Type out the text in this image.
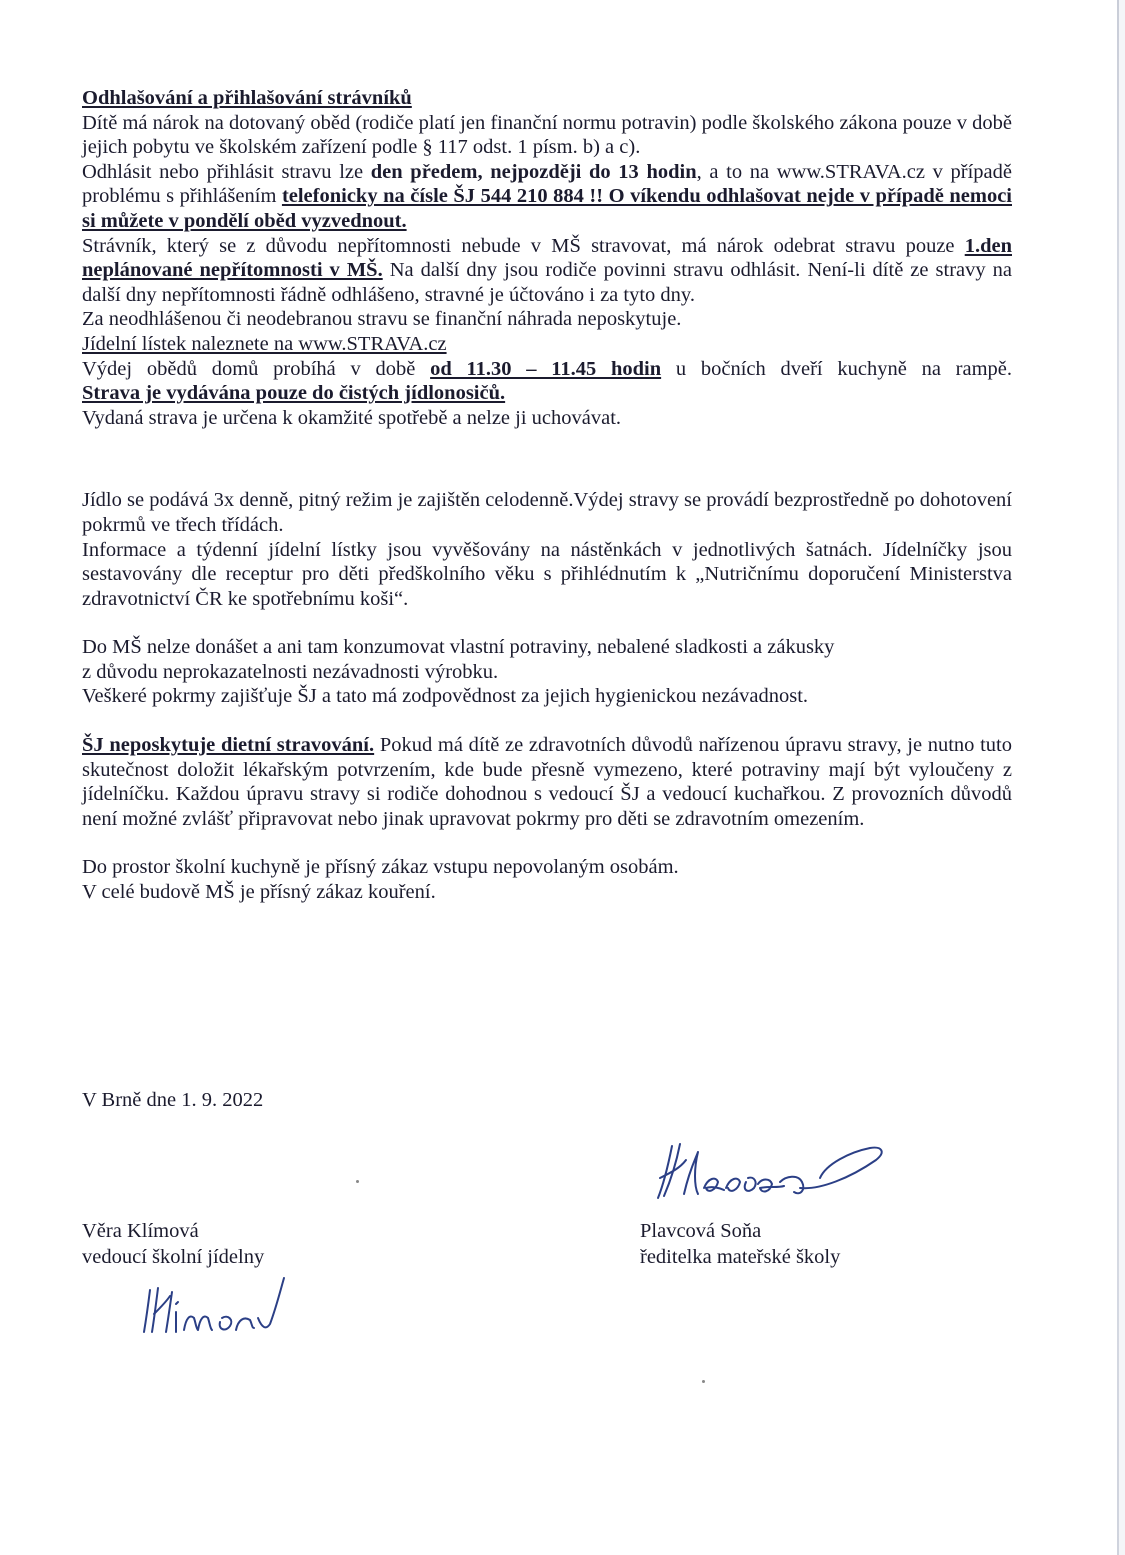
Odhlašování a přihlašování strávníků

Dítě má nárok na dotovaný oběd (rodiče platí jen finanční normu potravin) podle školského zákona pouze v době jejich pobytu ve školském zařízení podle § 117 odst. 1 písm. b) a c).

Odhlásit nebo přihlásit stravu lze den předem, nejpozději do 13 hodin, a to na www.STRAVA.cz v případě problému s přihlášením telefonicky na čísle ŠJ 544 210 884 !! O víkendu odhlašovat nejde v případě nemoci si můžete v pondělí oběd vyzvednout.

Strávník, který se z důvodu nepřítomnosti nebude v MŠ stravovat, má nárok odebrat stravu pouze 1.den neplánované nepřítomnosti v MŠ. Na další dny jsou rodiče povinni stravu odhlásit. Není-li dítě ze stravy na další dny nepřítomnosti řádně odhlášeno, stravné je účtováno i za tyto dny.

Za neodhlášenou či neodebranou stravu se finanční náhrada neposkytuje.

Jídelní lístek naleznete na www.STRAVA.cz

Výdej obědů domů probíhá v době od 11.30 – 11.45 hodin u bočních dveří kuchyně na rampě.

Strava je vydávána pouze do čistých jídlonosičů.

Vydaná strava je určena k okamžité spotřebě a nelze ji uchovávat.

Jídlo se podává 3x denně, pitný režim je zajištěn celodenně.Výdej stravy se provádí bezprostředně po dohotovení pokrmů ve třech třídách.

Informace a týdenní jídelní lístky jsou vyvěšovány na nástěnkách v jednotlivých šatnách. Jídelníčky jsou sestavovány dle receptur pro děti předškolního věku s přihlédnutím k „Nutričnímu doporučení Ministerstva zdravotnictví ČR ke spotřebnímu koši“.

Do MŠ nelze donášet a ani tam konzumovat vlastní potraviny, nebalené sladkosti a zákusky

z důvodu neprokazatelnosti nezávadnosti výrobku.

Veškeré pokrmy zajišťuje ŠJ a tato má zodpovědnost za jejich hygienickou nezávadnost.

ŠJ neposkytuje dietní stravování. Pokud má dítě ze zdravotních důvodů nařízenou úpravu stravy, je nutno tuto skutečnost doložit lékařským potvrzením, kde bude přesně vymezeno, které potraviny mají být vyloučeny z jídelníčku. Každou úpravu stravy si rodiče dohodnou s vedoucí ŠJ a vedoucí kuchařkou. Z provozních důvodů není možné zvlášť připravovat nebo jinak upravovat pokrmy pro děti se zdravotním omezením.

Do prostor školní kuchyně je přísný zákaz vstupu nepovolaným osobám.

V celé budově MŠ je přísný zákaz kouření.

V Brně dne 1. 9. 2022
Věra Klímová
vedoucí školní jídelny
Plavcová Soňa
ředitelka mateřské školy
